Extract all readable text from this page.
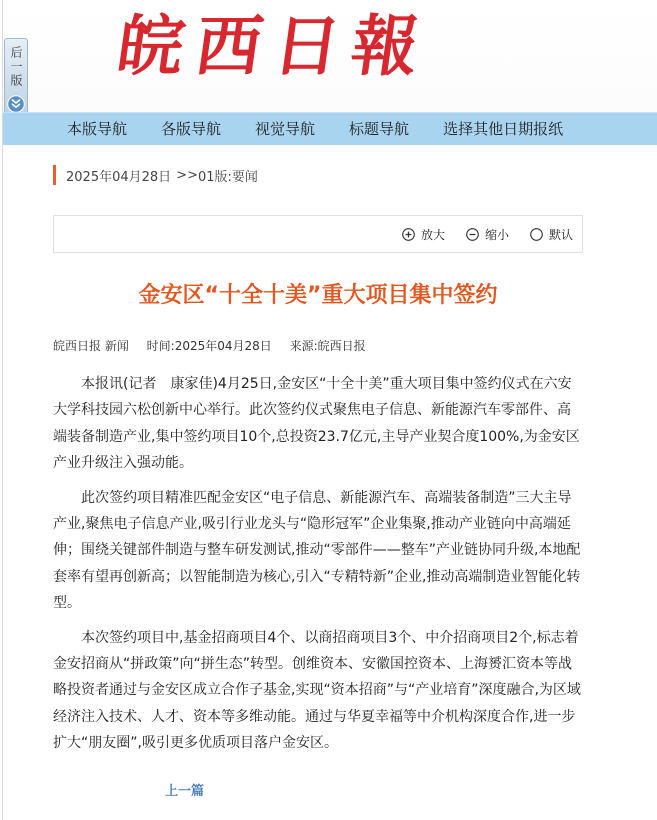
皖西日報
后一版
本版导航 各版导航 视觉导航 标题导航 选择其他日期报纸
2025年04月28日 >> 01版:要闻
放大	缩小	默认
金安区“十全十美”重大项目集中签约
皖西日报 新闻 时间:2025年04月28日 来源:皖西日报

本报讯(记者　康家佳)4月25日,金安区“十全十美”重大项目集中签约仪式在六安大学科技园六松创新中心举行。此次签约仪式聚焦电子信息、新能源汽车零部件、高端装备制造产业,集中签约项目10个,总投资23.7亿元,主导产业契合度100%,为金安区产业升级注入强动能。

此次签约项目精准匹配金安区“电子信息、新能源汽车、高端装备制造”三大主导产业,聚焦电子信息产业,吸引行业龙头与“隐形冠军”企业集聚,推动产业链向中高端延伸；围绕关键部件制造与整车研发测试,推动“零部件——整车”产业链协同升级,本地配套率有望再创新高；以智能制造为核心,引入“专精特新”企业,推动高端制造业智能化转型。

本次签约项目中,基金招商项目4个、以商招商项目3个、中介招商项目2个,标志着金安招商从“拼政策”向“拼生态”转型。创维资本、安徽国控资本、上海赟汇资本等战略投资者通过与金安区成立合作子基金,实现“资本招商”与“产业培育”深度融合,为区域经济注入技术、人才、资本等多维动能。通过与华夏幸福等中介机构深度合作,进一步扩大“朋友圈”,吸引更多优质项目落户金安区。

上一篇
